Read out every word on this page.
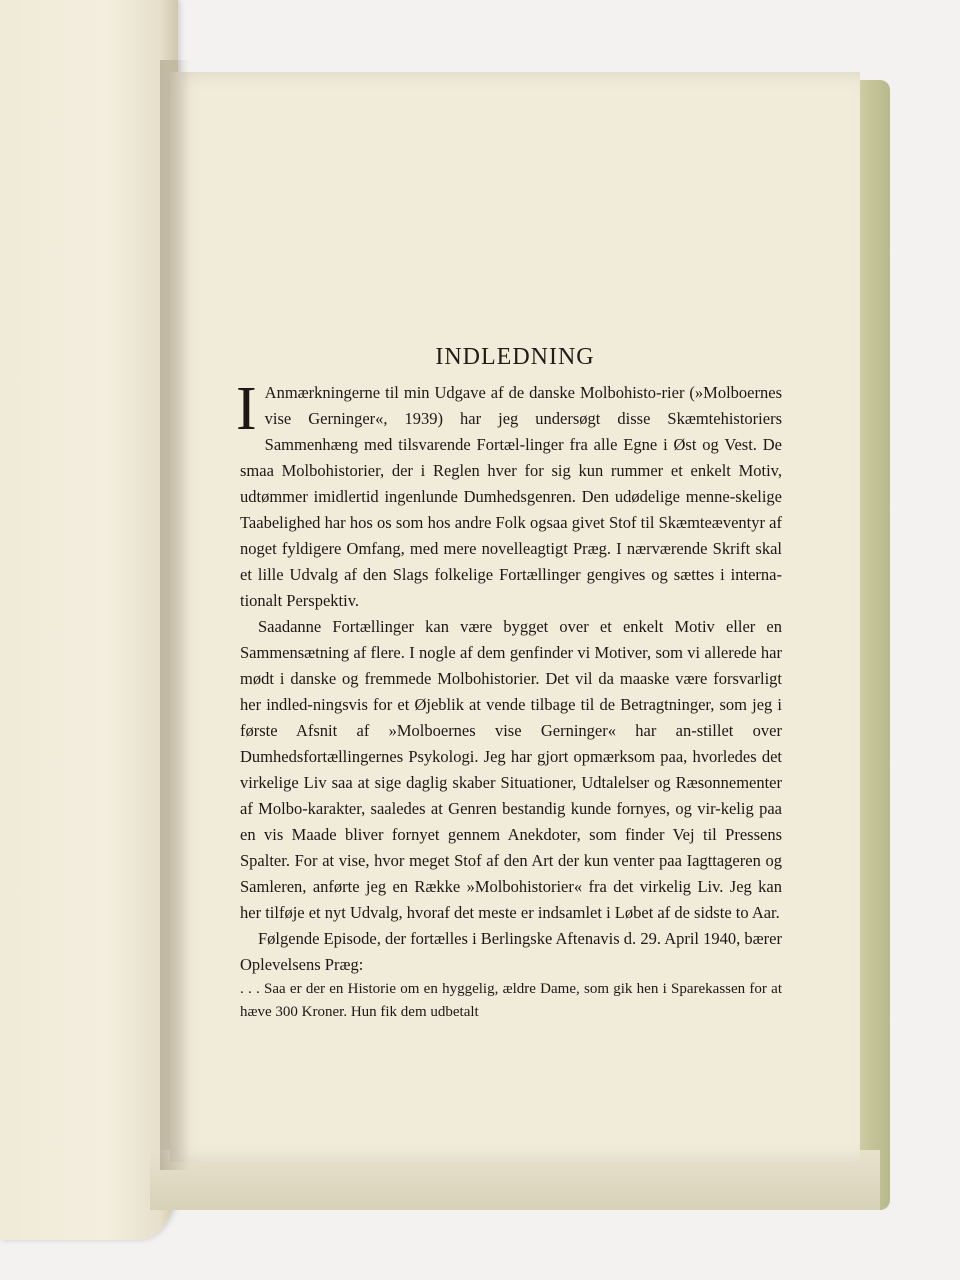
INDLEDNING

I Anmærkningerne til min Udgave af de danske Molbohisto-rier (»Molboernes vise Gerninger«, 1939) har jeg undersøgt disse Skæmtehistoriers Sammenhæng med tilsvarende Fortæl-linger fra alle Egne i Øst og Vest. De smaa Molbohistorier, der i Reglen hver for sig kun rummer et enkelt Motiv, udtømmer imidlertid ingenlunde Dumhedsgenren. Den udødelige menne-skelige Taabelighed har hos os som hos andre Folk ogsaa givet Stof til Skæmteæventyr af noget fyldigere Omfang, med mere novelleagtigt Præg. I nærværende Skrift skal et lille Udvalg af den Slags folkelige Fortællinger gengives og sættes i interna-tionalt Perspektiv.

Saadanne Fortællinger kan være bygget over et enkelt Motiv eller en Sammensætning af flere. I nogle af dem genfinder vi Motiver, som vi allerede har mødt i danske og fremmede Molbohistorier. Det vil da maaske være forsvarligt her indled-ningsvis for et Øjeblik at vende tilbage til de Betragtninger, som jeg i første Afsnit af »Molboernes vise Gerninger« har an-stillet over Dumhedsfortællingernes Psykologi. Jeg har gjort opmærksom paa, hvorledes det virkelige Liv saa at sige daglig skaber Situationer, Udtalelser og Ræsonnementer af Molbo-karakter, saaledes at Genren bestandig kunde fornyes, og vir-kelig paa en vis Maade bliver fornyet gennem Anekdoter, som finder Vej til Pressens Spalter. For at vise, hvor meget Stof af den Art der kun venter paa Iagttageren og Samleren, anførte jeg en Række »Molbohistorier« fra det virkelig Liv. Jeg kan her tilføje et nyt Udvalg, hvoraf det meste er indsamlet i Løbet af de sidste to Aar.

Følgende Episode, der fortælles i Berlingske Aftenavis d. 29. April 1940, bærer Oplevelsens Præg:

. . . Saa er der en Historie om en hyggelig, ældre Dame, som gik hen i Sparekassen for at hæve 300 Kroner. Hun fik dem udbetalt
